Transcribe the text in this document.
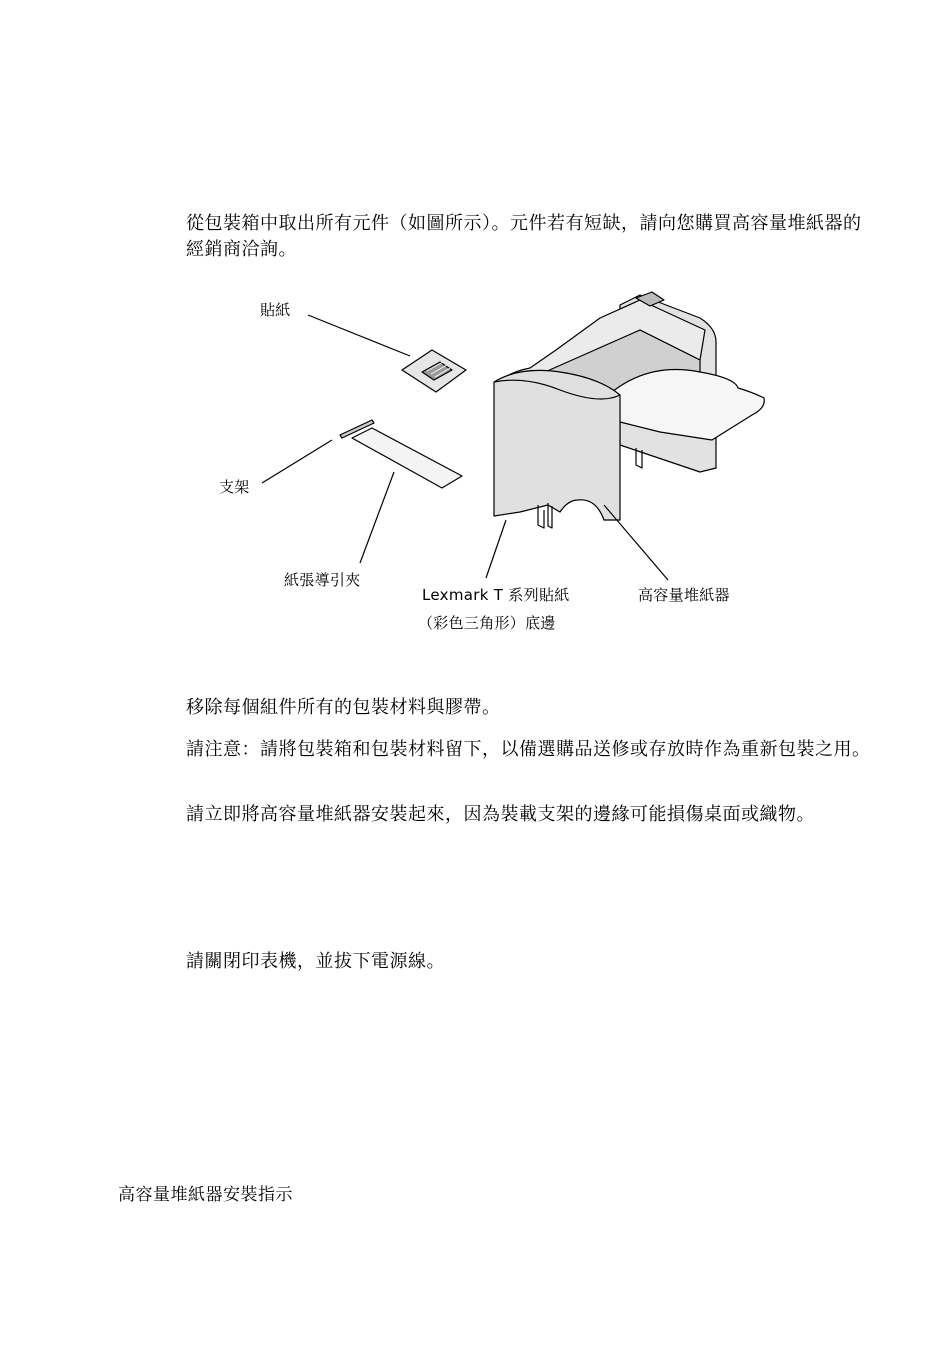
從包裝箱中取出所有元件（如圖所示）。元件若有短缺，請向您購買高容量堆紙器的經銷商洽詢。

貼紙
支架
紙張導引夾
Lexmark T 系列貼紙
（彩色三角形）底邊
高容量堆紙器

移除每個組件所有的包裝材料與膠帶。

請注意： 請將包裝箱和包裝材料留下，以備選購品送修或存放時作為重新包裝之用。

請立即將高容量堆紙器安裝起來，因為裝載支架的邊緣可能損傷桌面或織物。

請關閉印表機，並拔下電源線。

高容量堆紙器安裝指示
